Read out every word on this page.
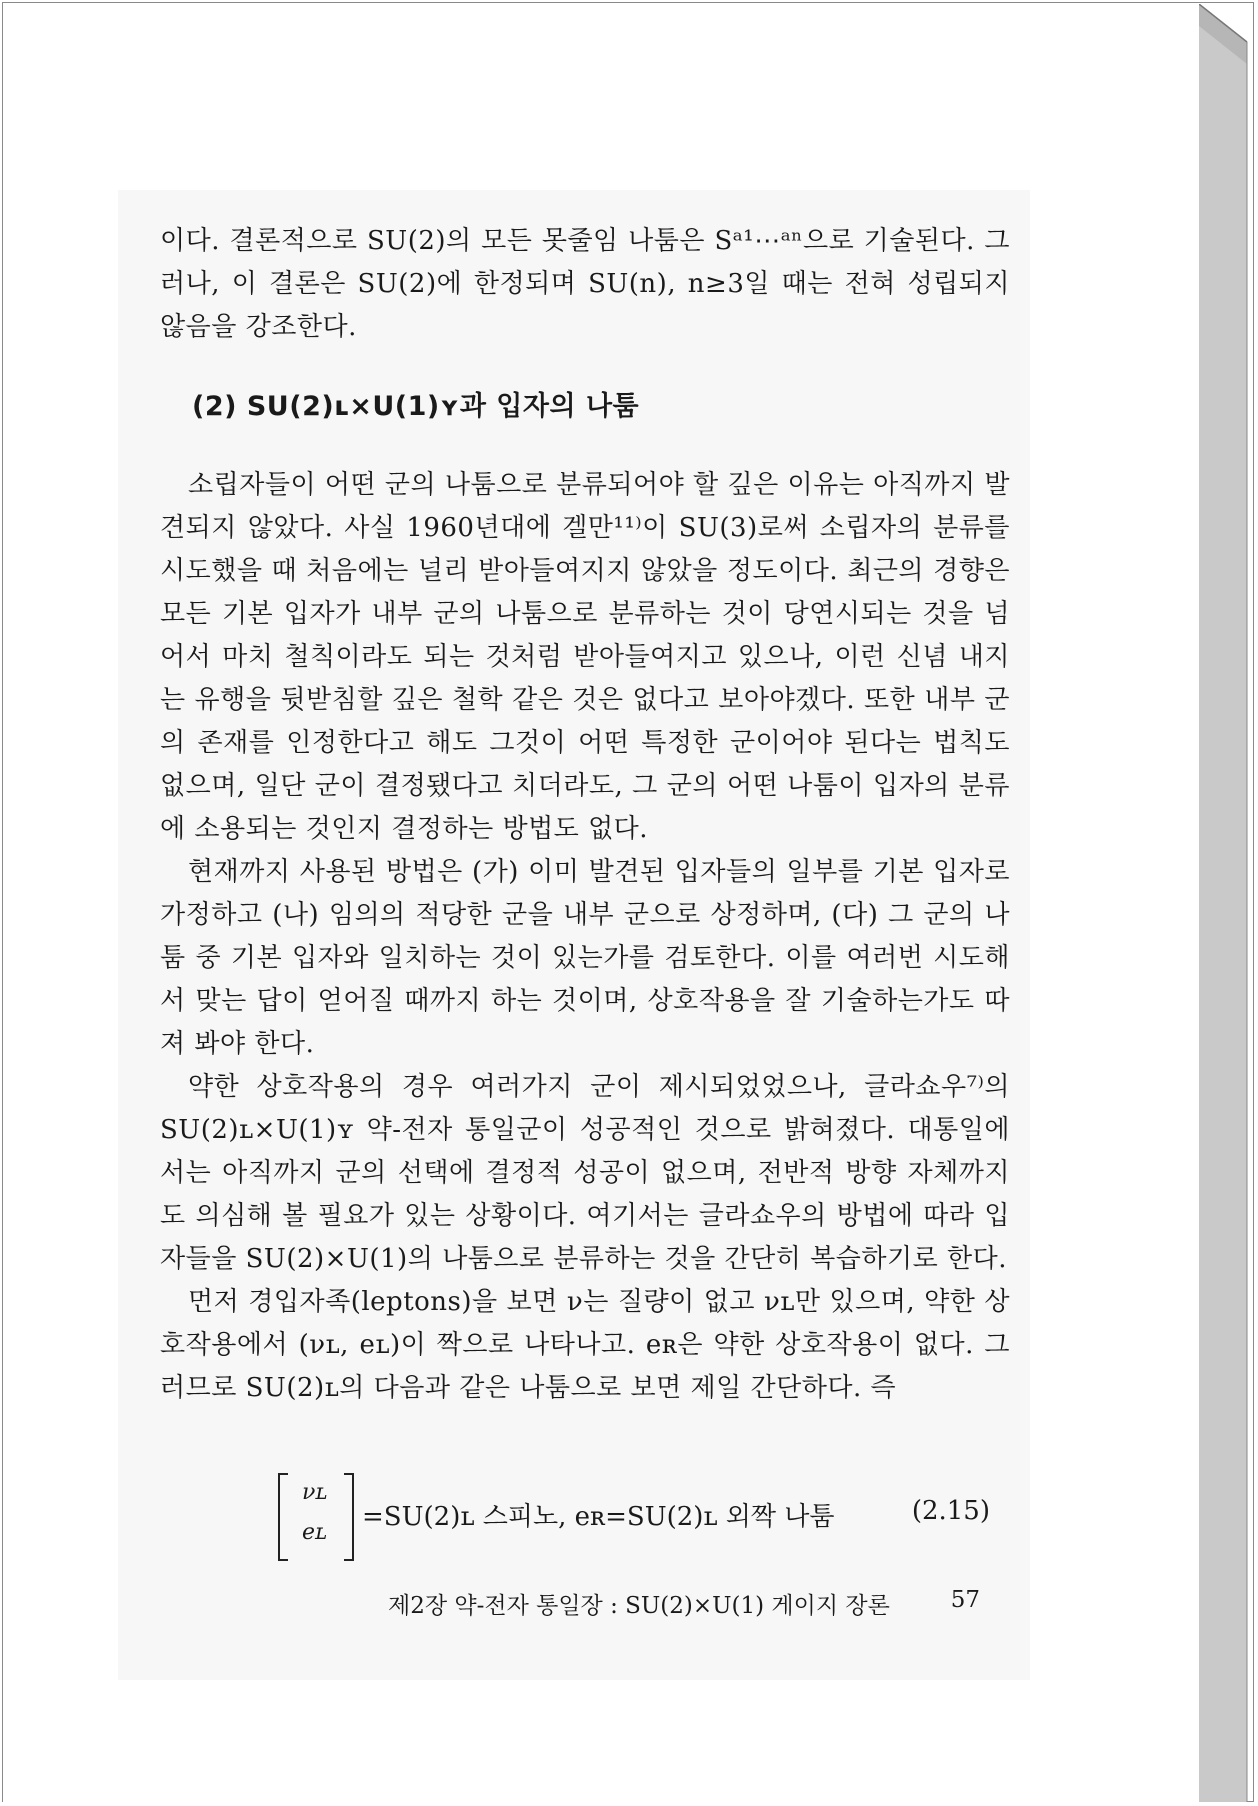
이다. 결론적으로 SU(2)의 모든 못줄임 나툼은 Sᵃ¹⋯ᵃⁿ으로 기술된다. 그러나, 이 결론은 SU(2)에 한정되며 SU(n), n≥3일 때는 전혀 성립되지 않음을 강조한다.

(2) SU(2)ʟ×U(1)ʏ과 입자의 나툼

소립자들이 어떤 군의 나툼으로 분류되어야 할 깊은 이유는 아직까지 발견되지 않았다. 사실 1960년대에 겔만¹¹⁾이 SU(3)로써 소립자의 분류를 시도했을 때 처음에는 널리 받아들여지지 않았을 정도이다. 최근의 경향은 모든 기본 입자가 내부 군의 나툼으로 분류하는 것이 당연시되는 것을 넘어서 마치 철칙이라도 되는 것처럼 받아들여지고 있으나, 이런 신념 내지는 유행을 뒷받침할 깊은 철학 같은 것은 없다고 보아야겠다. 또한 내부 군의 존재를 인정한다고 해도 그것이 어떤 특정한 군이어야 된다는 법칙도 없으며, 일단 군이 결정됐다고 치더라도, 그 군의 어떤 나툼이 입자의 분류에 소용되는 것인지 결정하는 방법도 없다.

현재까지 사용된 방법은 (가) 이미 발견된 입자들의 일부를 기본 입자로 가정하고 (나) 임의의 적당한 군을 내부 군으로 상정하며, (다) 그 군의 나툼 중 기본 입자와 일치하는 것이 있는가를 검토한다. 이를 여러번 시도해서 맞는 답이 얻어질 때까지 하는 것이며, 상호작용을 잘 기술하는가도 따져 봐야 한다.

약한 상호작용의 경우 여러가지 군이 제시되었었으나, 글라쇼우⁷⁾의 SU(2)ʟ×U(1)ʏ 약-전자 통일군이 성공적인 것으로 밝혀졌다. 대통일에서는 아직까지 군의 선택에 결정적 성공이 없으며, 전반적 방향 자체까지도 의심해 볼 필요가 있는 상황이다. 여기서는 글라쇼우의 방법에 따라 입자들을 SU(2)×U(1)의 나툼으로 분류하는 것을 간단히 복습하기로 한다.

먼저 경입자족(leptons)을 보면 ν는 질량이 없고 νʟ만 있으며, 약한 상호작용에서 (νʟ, eʟ)이 짝으로 나타나고. eʀ은 약한 상호작용이 없다. 그러므로 SU(2)ʟ의 다음과 같은 나툼으로 보면 제일 간단하다. 즉

νʟ
eʟ
=SU(2)ʟ 스피노, eʀ=SU(2)ʟ 외짝 나툼	(2.15)
제2장 약-전자 통일장 : SU(2)×U(1) 게이지 장론	57
